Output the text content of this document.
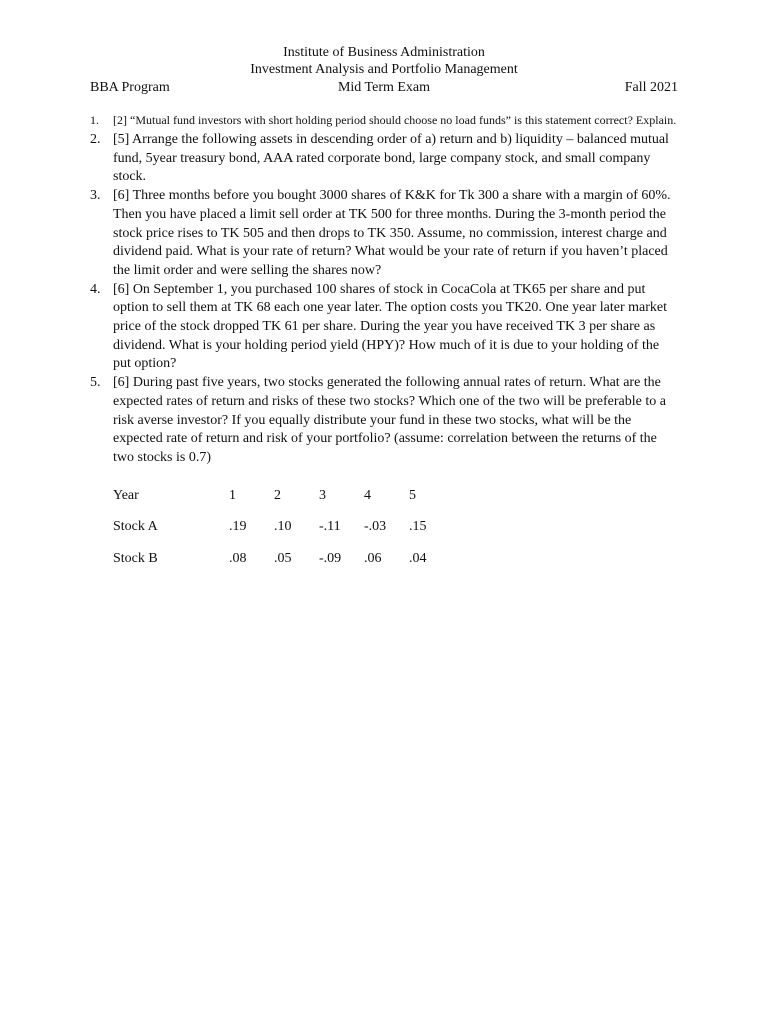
Institute of Business Administration
Investment Analysis and Portfolio Management
BBA Program	Mid Term Exam	Fall 2021
1. [2] “Mutual fund investors with short holding period should choose no load funds” is this statement correct? Explain.
2. [5] Arrange the following assets in descending order of a) return and b) liquidity – balanced mutual fund, 5year treasury bond, AAA rated corporate bond, large company stock, and small company stock.
3. [6] Three months before you bought 3000 shares of K&K for Tk 300 a share with a margin of 60%. Then you have placed a limit sell order at TK 500 for three months. During the 3-month period the stock price rises to TK 505 and then drops to TK 350. Assume, no commission, interest charge and dividend paid. What is your rate of return? What would be your rate of return if you haven’t placed the limit order and were selling the shares now?
4. [6] On September 1, you purchased 100 shares of stock in CocaCola at TK65 per share and put option to sell them at TK 68 each one year later. The option costs you TK20. One year later market price of the stock dropped TK 61 per share. During the year you have received TK 3 per share as dividend. What is your holding period yield (HPY)? How much of it is due to your holding of the put option?
5. [6] During past five years, two stocks generated the following annual rates of return. What are the expected rates of return and risks of these two stocks? Which one of the two will be preferable to a risk averse investor? If you equally distribute your fund in these two stocks, what will be the expected rate of return and risk of your portfolio? (assume: correlation between the returns of the two stocks is 0.7)
Year	1	2	3	4	5
Stock A	.19	.10	-.11	-.03	.15
Stock B	.08	.05	-.09	.06	.04
